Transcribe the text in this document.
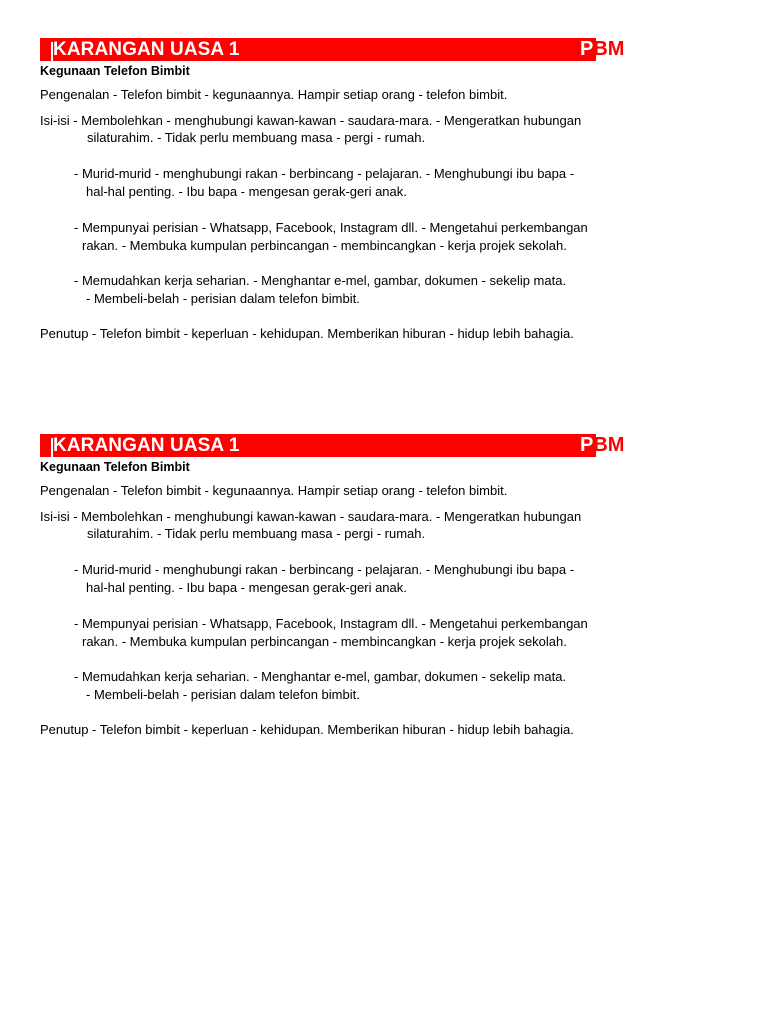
KARANGAN UASA 1	PBM
Kegunaan Telefon Bimbit
Pengenalan - Telefon bimbit - kegunaannya. Hampir setiap orang - telefon bimbit.
Isi-isi - Membolehkan - menghubungi kawan-kawan - saudara-mara. - Mengeratkan hubungan
silaturahim. - Tidak perlu membuang masa - pergi - rumah.
- Murid-murid - menghubungi rakan - berbincang - pelajaran. - Menghubungi ibu bapa -
hal-hal penting. - Ibu bapa - mengesan gerak-geri anak.
- Mempunyai perisian - Whatsapp, Facebook, Instagram dll. - Mengetahui perkembangan
rakan. - Membuka kumpulan perbincangan - membincangkan - kerja projek sekolah.
- Memudahkan kerja seharian. - Menghantar e-mel, gambar, dokumen - sekelip mata.
- Membeli-belah - perisian dalam telefon bimbit.
Penutup - Telefon bimbit - keperluan - kehidupan. Memberikan hiburan - hidup lebih bahagia.
KARANGAN UASA 1	PBM
Kegunaan Telefon Bimbit
Pengenalan - Telefon bimbit - kegunaannya. Hampir setiap orang - telefon bimbit.
Isi-isi - Membolehkan - menghubungi kawan-kawan - saudara-mara. - Mengeratkan hubungan
silaturahim. - Tidak perlu membuang masa - pergi - rumah.
- Murid-murid - menghubungi rakan - berbincang - pelajaran. - Menghubungi ibu bapa -
hal-hal penting. - Ibu bapa - mengesan gerak-geri anak.
- Mempunyai perisian - Whatsapp, Facebook, Instagram dll. - Mengetahui perkembangan
rakan. - Membuka kumpulan perbincangan - membincangkan - kerja projek sekolah.
- Memudahkan kerja seharian. - Menghantar e-mel, gambar, dokumen - sekelip mata.
- Membeli-belah - perisian dalam telefon bimbit.
Penutup - Telefon bimbit - keperluan - kehidupan. Memberikan hiburan - hidup lebih bahagia.
